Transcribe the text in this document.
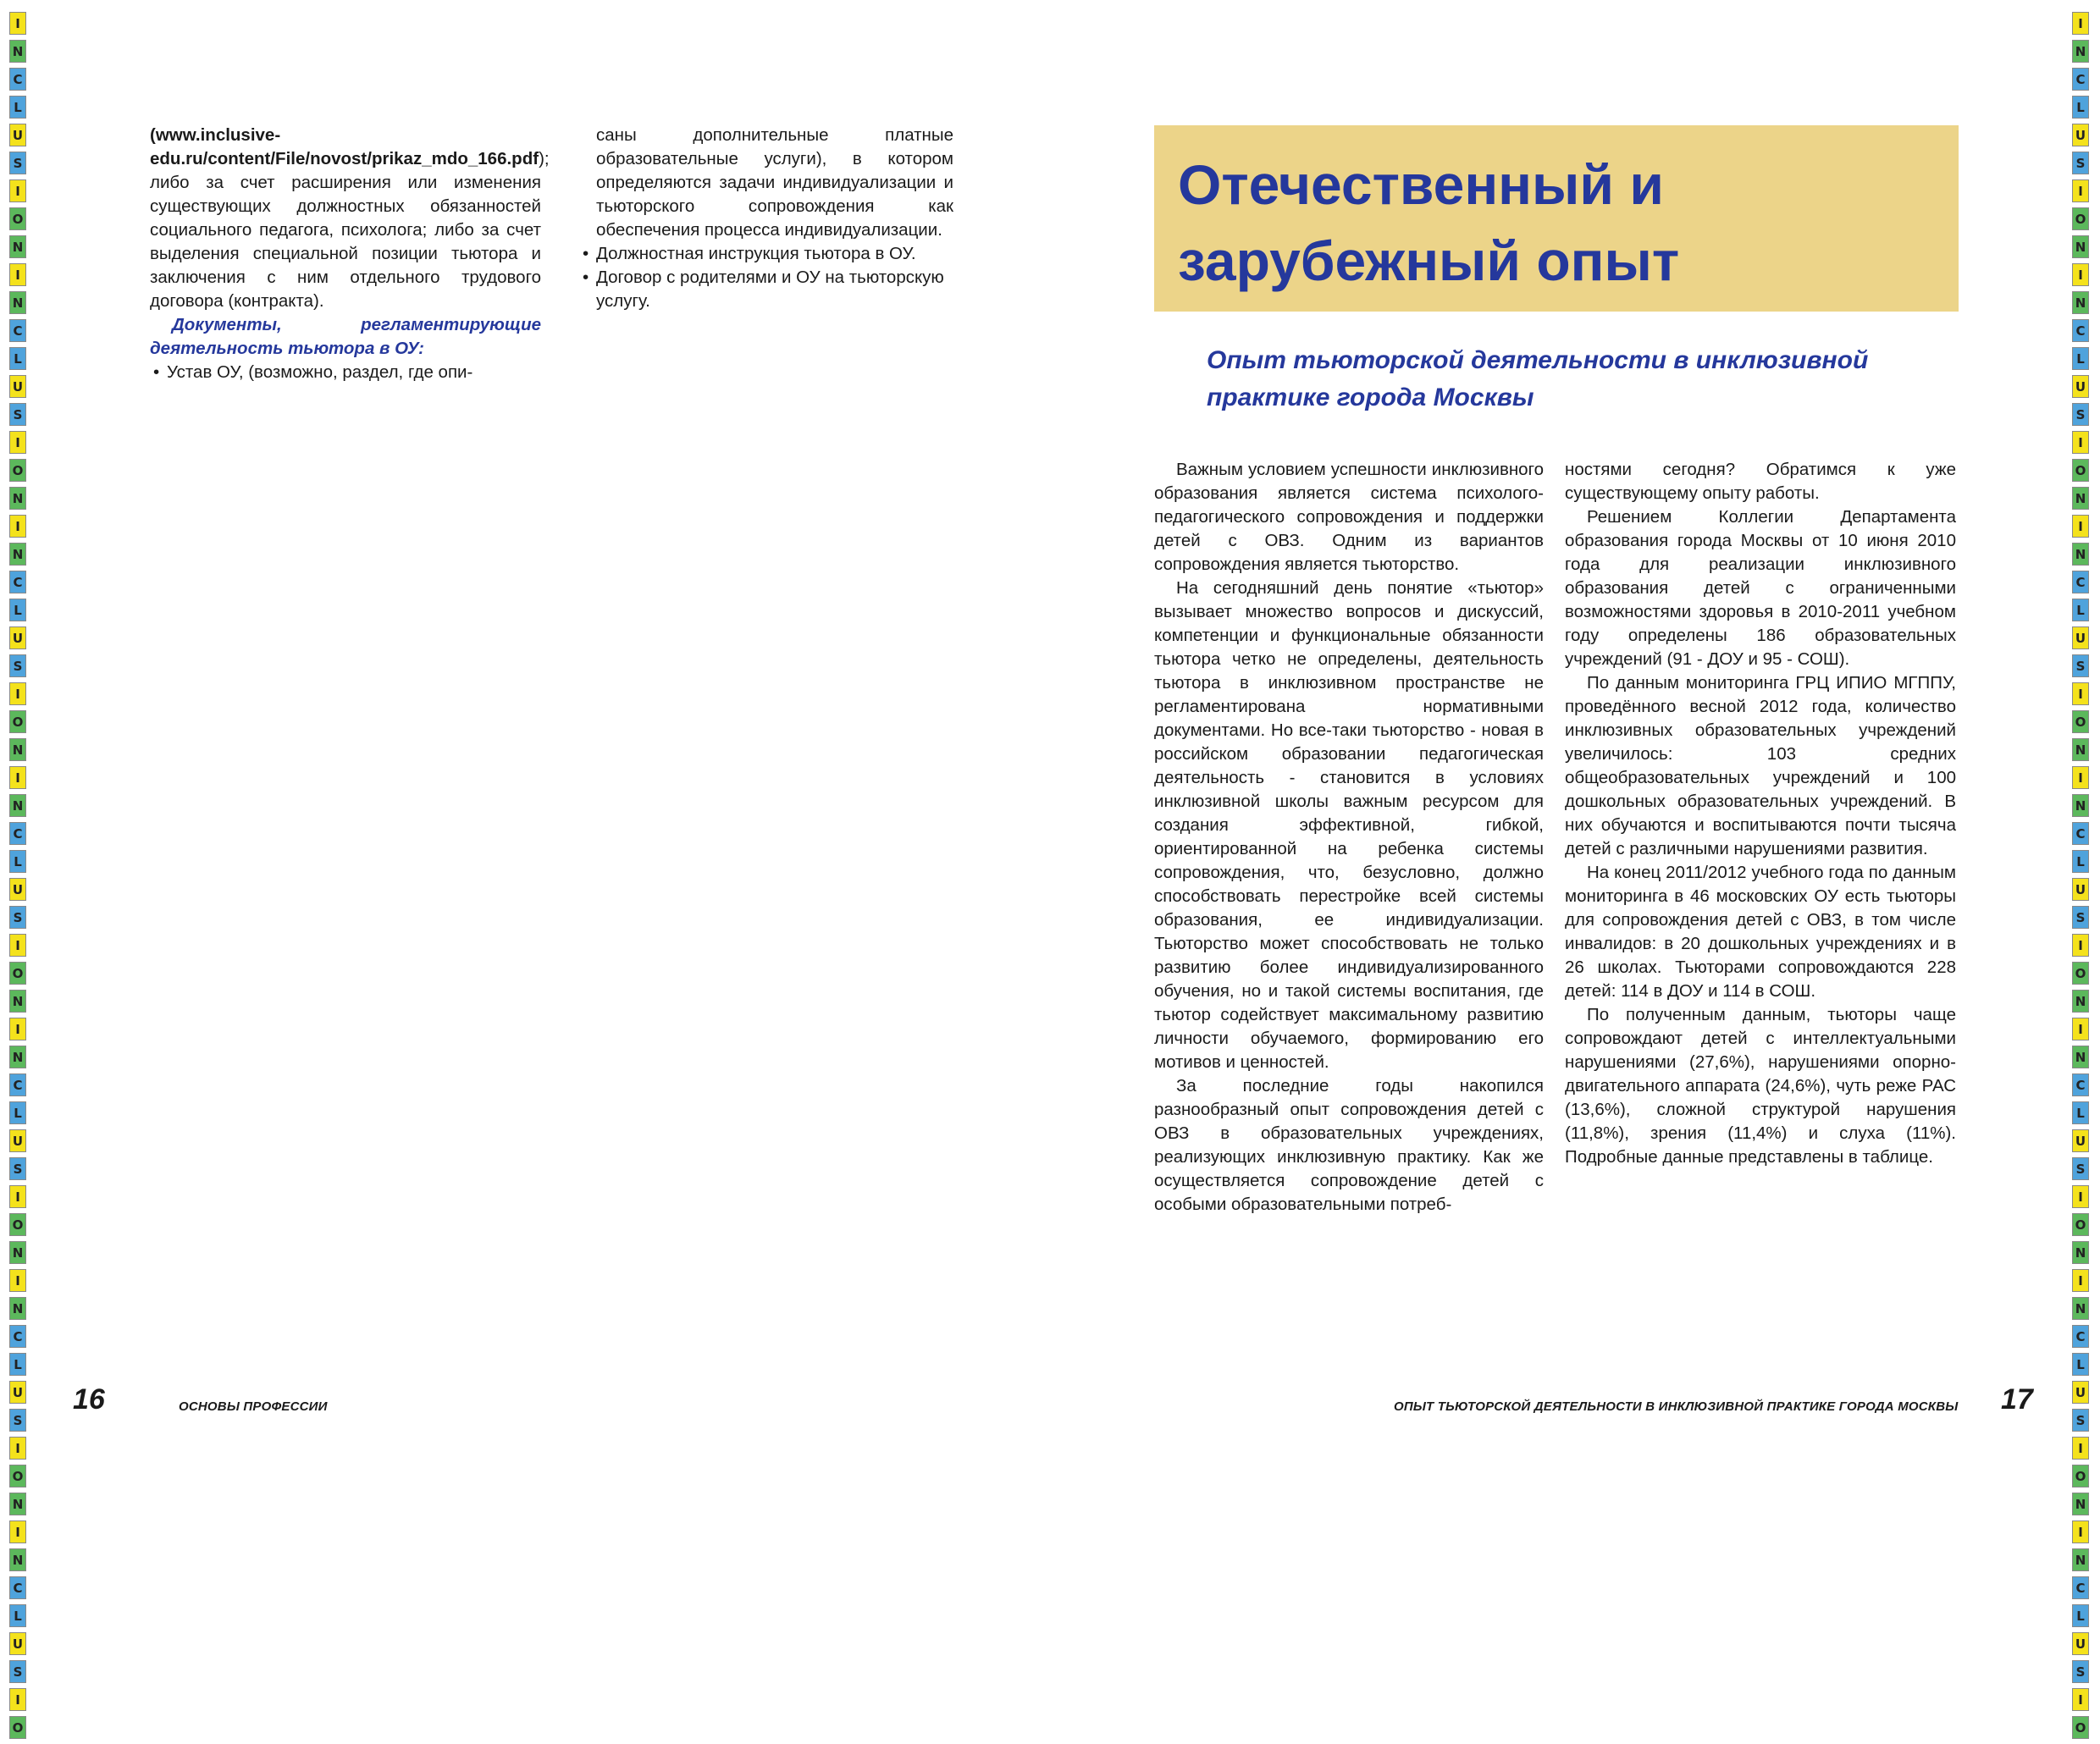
I
N
C
L
U
S
I
O
N
I
N
C
L
U
S
I
O
N
I
N
C
L
U
S
I
O
N
I
N
C
L
U
S
I
O
N
I
N
C
L
U
S
I
O
N
I
N
C
L
U
S
I
O
N
I
N
C
L
U
S
I
O
I
N
C
L
U
S
I
O
N
I
N
C
L
U
S
I
O
N
I
N
C
L
U
S
I
O
N
I
N
C
L
U
S
I
O
N
I
N
C
L
U
S
I
O
N
I
N
C
L
U
S
I
O
N
I
N
C
L
U
S
I
O

(www.inclusive-edu.ru/content/File/novost/prikaz_mdo_166.pdf); либо за счет расширения или изменения существующих должностных обязанностей социального педагога, психолога; либо за счет выделения специальной позиции тьютора и заключения с ним отдельного трудового договора (контракта).

Документы, регламентирующие деятельность тьютора в ОУ:

• Устав ОУ, (возможно, раздел, где опи-

саны дополнительные платные образовательные услуги), в котором определяются задачи индивидуализации и тьюторского сопровождения как обеспечения процесса индивидуализации.

• Должностная инструкция тьютора в ОУ.
• Договор с родителями и ОУ на тьюторскую услугу.
16	ОСНОВЫ ПРОФЕССИИ
Отечественный и
зарубежный опыт
Опыт тьюторской деятельности в инклюзивной практике города Москвы

Важным условием успешности инклюзивного образования является система психолого-педагогического сопровождения и поддержки детей с ОВЗ. Одним из вариантов сопровождения является тьюторство.

На сегодняшний день понятие «тьютор» вызывает множество вопросов и дискуссий, компетенции и функциональные обязанности тьютора четко не определены, деятельность тьютора в инклюзивном пространстве не регламентирована нормативными документами. Но все-таки тьюторство - новая в российском образовании педагогическая деятельность - становится в условиях инклюзивной школы важным ресурсом для создания эффективной, гибкой, ориентированной на ребенка системы сопровождения, что, безусловно, должно способствовать перестройке всей системы образования, ее индивидуализации. Тьюторство может способствовать не только развитию более индивидуализированного обучения, но и такой системы воспитания, где тьютор содействует максимальному развитию личности обучаемого, формированию его мотивов и ценностей.

За последние годы накопился разнообразный опыт сопровождения детей с ОВЗ в образовательных учреждениях, реализующих инклюзивную практику. Как же осуществляется сопровождение детей с особыми образовательными потреб-

ностями сегодня? Обратимся к уже существующему опыту работы.

Решением Коллегии Департамента образования города Москвы от 10 июня 2010 года для реализации инклюзивного образования детей с ограниченными возможностями здоровья в 2010-2011 учебном году определены 186 образовательных учреждений (91 - ДОУ и 95 - СОШ).

По данным мониторинга ГРЦ ИПИО МГППУ, проведённого весной 2012 года, количество инклюзивных образовательных учреждений увеличилось: 103 средних общеобразовательных учреждений и 100 дошкольных образовательных учреждений. В них обучаются и воспитываются почти тысяча детей с различными нарушениями развития.

На конец 2011/2012 учебного года по данным мониторинга в 46 московских ОУ есть тьюторы для сопровождения детей с ОВЗ, в том числе инвалидов: в 20 дошкольных учреждениях и в 26 школах. Тьюторами сопровождаются 228 детей: 114 в ДОУ и 114 в СОШ.

По полученным данным, тьюторы чаще сопровождают детей с интеллектуальными нарушениями (27,6%), нарушениями опорно-двигательного аппарата (24,6%), чуть реже РАС (13,6%), сложной структурой нарушения (11,8%), зрения (11,4%) и слуха (11%). Подробные данные представлены в таблице.

ОПЫТ ТЬЮТОРСКОЙ ДЕЯТЕЛЬНОСТИ В ИНКЛЮЗИВНОЙ ПРАКТИКЕ ГОРОДА МОСКВЫ 17
